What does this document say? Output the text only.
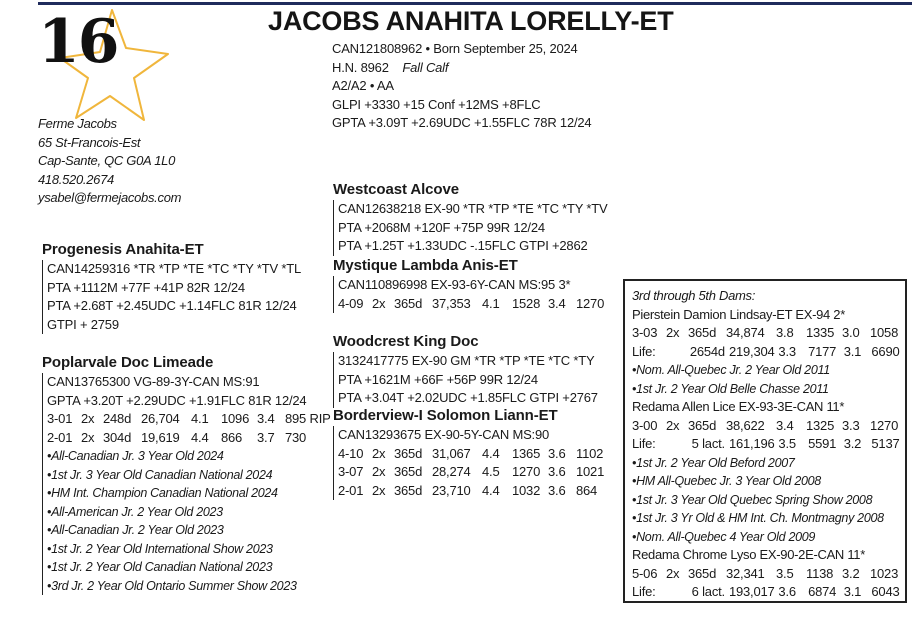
16	JACOBS ANAHITA LORELLY-ET
Ferme Jacobs
65 St-Francois-Est
Cap-Sante, QC G0A 1L0
418.520.2674
ysabel@fermejacobs.com
CAN121808962 • Born September 25, 2024
H.N. 8962 Fall Calf
A2/A2 • AA
GLPI +3330 +15 Conf +12MS +8FLC
GPTA +3.09T +2.69UDC +1.55FLC 78R 12/24
Westcoast Alcove
CAN12638218 EX-90 *TR *TP *TE *TC *TY *TV
PTA +2068M +120F +75P 99R 12/24
PTA +1.25T +1.33UDC -.15FLC GTPI +2862
Mystique Lambda Anis-ET
CAN110896998 EX-93-6Y-CAN MS:95 3*
4-09 2x 365d 37,353 4.1 1528 3.4 1270
Progenesis Anahita-ET
CAN14259316 *TR *TP *TE *TC *TY *TV *TL
PTA +1112M +77F +41P 82R 12/24
PTA +2.68T +2.45UDC +1.14FLC 81R 12/24
GTPI + 2759
Poplarvale Doc Limeade
CAN13765300 VG-89-3Y-CAN MS:91
GPTA +3.20T +2.29UDC +1.91FLC 81R 12/24
3-01 2x 248d 26,704 4.1 1096 3.4 895 RIP
2-01 2x 304d 19,619 4.4 866	3.7 730
•All-Canadian Jr. 3 Year Old 2024
•1st Jr. 3 Year Old Canadian National 2024
•HM Int. Champion Canadian National 2024
•All-American Jr. 2 Year Old 2023
•All-Canadian Jr. 2 Year Old 2023
•1st Jr. 2 Year Old International Show 2023
•1st Jr. 2 Year Old Canadian National 2023
•3rd Jr. 2 Year Old Ontario Summer Show 2023
Woodcrest King Doc
3132417775 EX-90 GM *TR *TP *TE *TC *TY
PTA +1621M +66F +56P 99R 12/24
PTA +3.04T +2.02UDC +1.85FLC GTPI +2767
Borderview-I Solomon Liann-ET
CAN13293675 EX-90-5Y-CAN MS:90
4-10 2x 365d 31,067 4.4 1365 3.6 1102
3-07 2x 365d 28,274 4.5 1270 3.6 1021
2-01 2x 365d 23,710 4.4 1032 3.6 864
3rd through 5th Dams:
Pierstein Damion Lindsay-ET EX-94 2*
3-03 2x 365d 34,874 3.8 1335 3.0 1058
Life:	2654d 219,304 3.3 7177 3.1 6690
•Nom. All-Quebec Jr. 2 Year Old 2011
•1st Jr. 2 Year Old Belle Chasse 2011
Redama Allen Lice EX-93-3E-CAN 11*
3-00 2x 365d 38,622 3.4 1325 3.3 1270
Life:	5 lact. 161,196 3.5 5591 3.2 5137
•1st Jr. 2 Year Old Beford 2007
•HM All-Quebec Jr. 3 Year Old 2008
•1st Jr. 3 Year Old Quebec Spring Show 2008
•1st Jr. 3 Yr Old & HM Int. Ch. Montmagny 2008
•Nom. All-Quebec 4 Year Old 2009
Redama Chrome Lyso EX-90-2E-CAN 11*
5-06 2x 365d 32,341 3.5 1138 3.2 1023
Life:	6 lact. 193,017 3.6 6874 3.1 6043
